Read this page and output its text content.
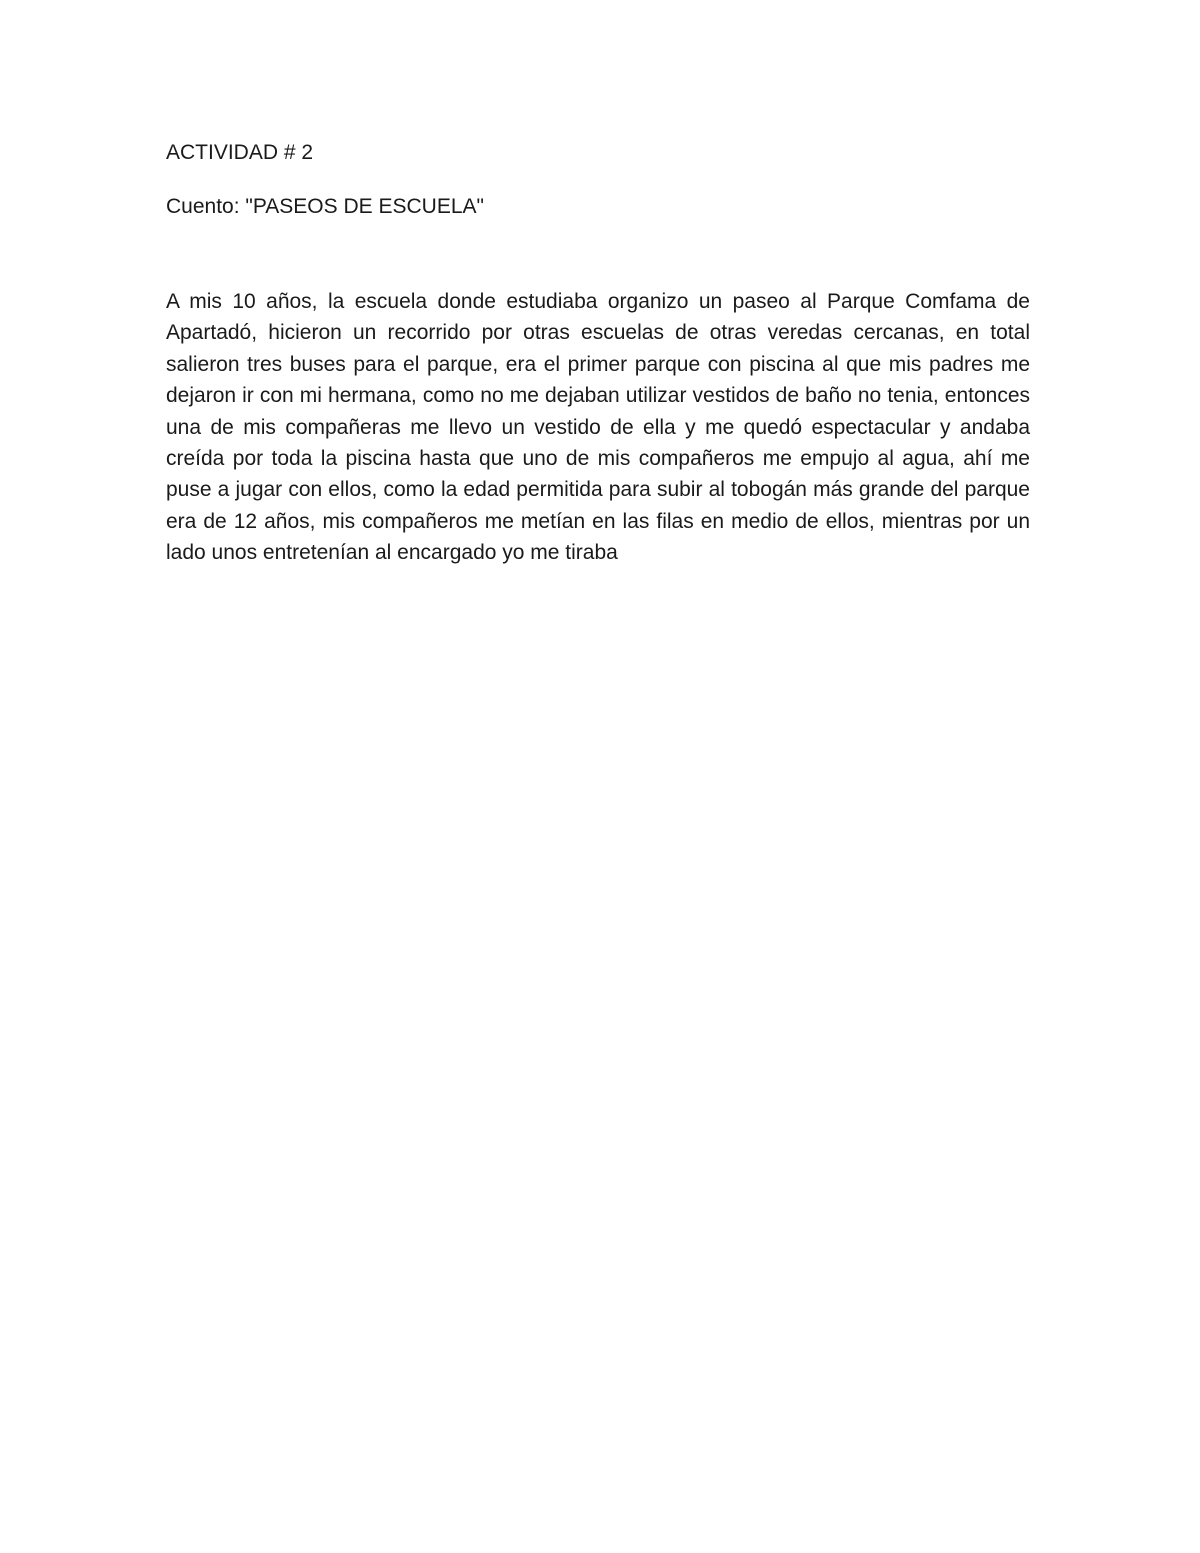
ACTIVIDAD # 2

Cuento: "PASEOS DE ESCUELA"

A mis 10 años, la escuela donde estudiaba organizo un paseo al Parque Comfama de Apartadó, hicieron un recorrido por otras escuelas de otras veredas cercanas, en total salieron tres buses para el parque, era el primer parque con piscina al que mis padres me dejaron ir con mi hermana, como no me dejaban utilizar vestidos de baño no tenia, entonces una de mis compañeras me llevo un vestido de ella y me quedó espectacular y andaba creída por toda la piscina hasta que uno de mis compañeros me empujo al agua, ahí me puse a jugar con ellos, como la edad permitida para subir al tobogán más grande del parque era de 12 años, mis compañeros me metían en las filas en medio de ellos, mientras por un lado unos entretenían al encargado yo me tiraba
